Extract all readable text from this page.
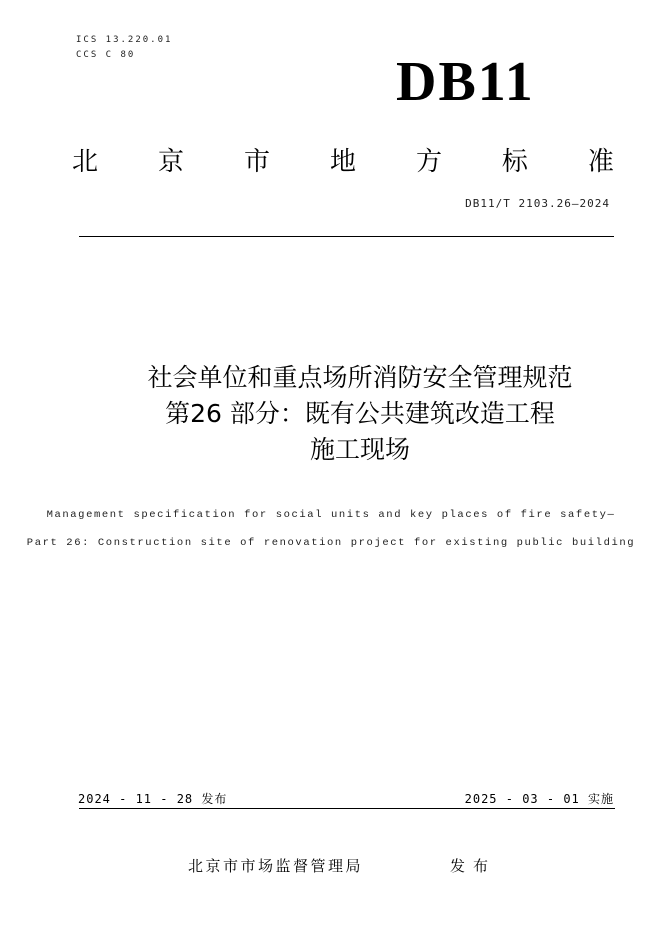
ICS 13.220.01
CCS C 80	DB11
北 京 市 地 方 标 准
DB11/T 2103.26—2024
社会单位和重点场所消防安全管理规范
第26 部分：既有公共建筑改造工程
施工现场
Management specification for social units and key places of fire safety—
Part 26: Construction site of renovation project for existing public building
2024 - 11 - 28 发布	2025 - 03 - 01 实施
北京市市场监督管理局	发布
